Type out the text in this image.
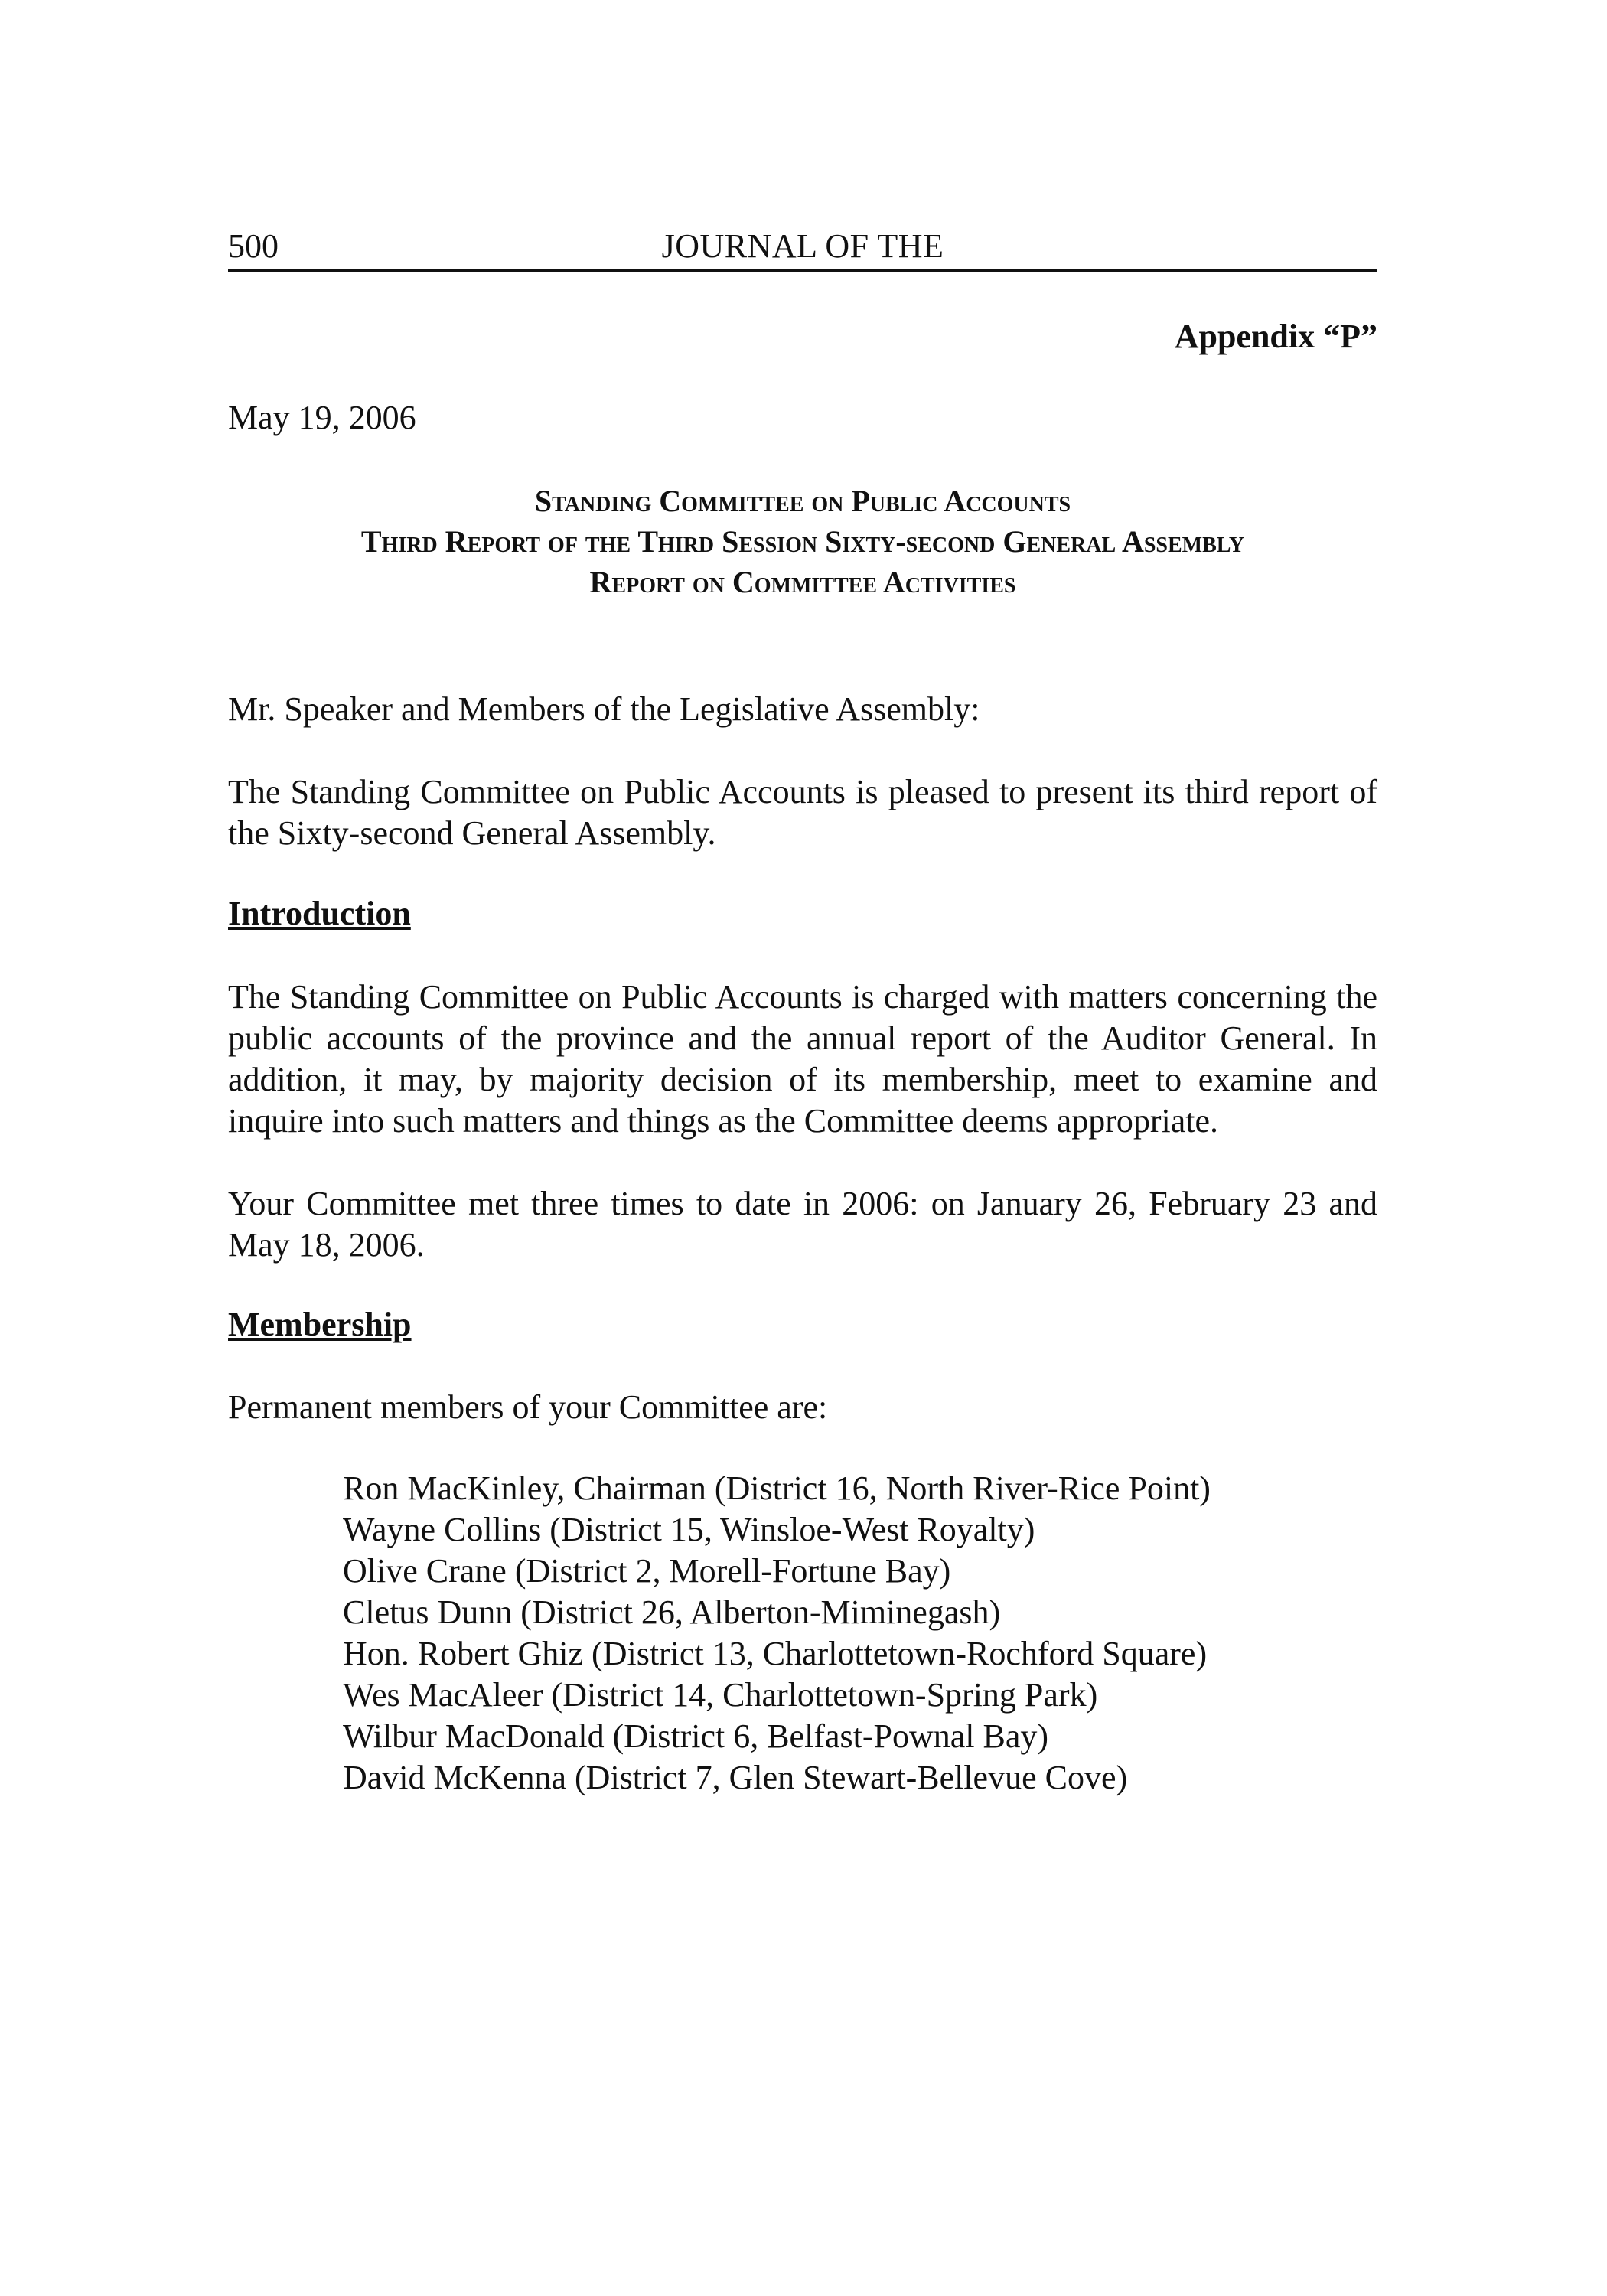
500	JOURNAL OF THE
Appendix “P”
May 19, 2006
Standing Committee on Public Accounts
Third Report of the Third Session Sixty-second General Assembly
Report on Committee Activities
Mr. Speaker and Members of the Legislative Assembly:
The Standing Committee on Public Accounts is pleased to present its third report of the Sixty-second General Assembly.
Introduction
The Standing Committee on Public Accounts is charged with matters concerning the public accounts of the province and the annual report of the Auditor General. In addition, it may, by majority decision of its membership, meet to examine and inquire into such matters and things as the Committee deems appropriate.
Your Committee met three times to date in 2006: on January 26, February 23 and May 18, 2006.
Membership
Permanent members of your Committee are:
Ron MacKinley, Chairman (District 16, North River-Rice Point)
Wayne Collins (District 15, Winsloe-West Royalty)
Olive Crane (District 2, Morell-Fortune Bay)
Cletus Dunn (District 26, Alberton-Miminegash)
Hon. Robert Ghiz (District 13, Charlottetown-Rochford Square)
Wes MacAleer (District 14, Charlottetown-Spring Park)
Wilbur MacDonald (District 6, Belfast-Pownal Bay)
David McKenna (District 7, Glen Stewart-Bellevue Cove)
